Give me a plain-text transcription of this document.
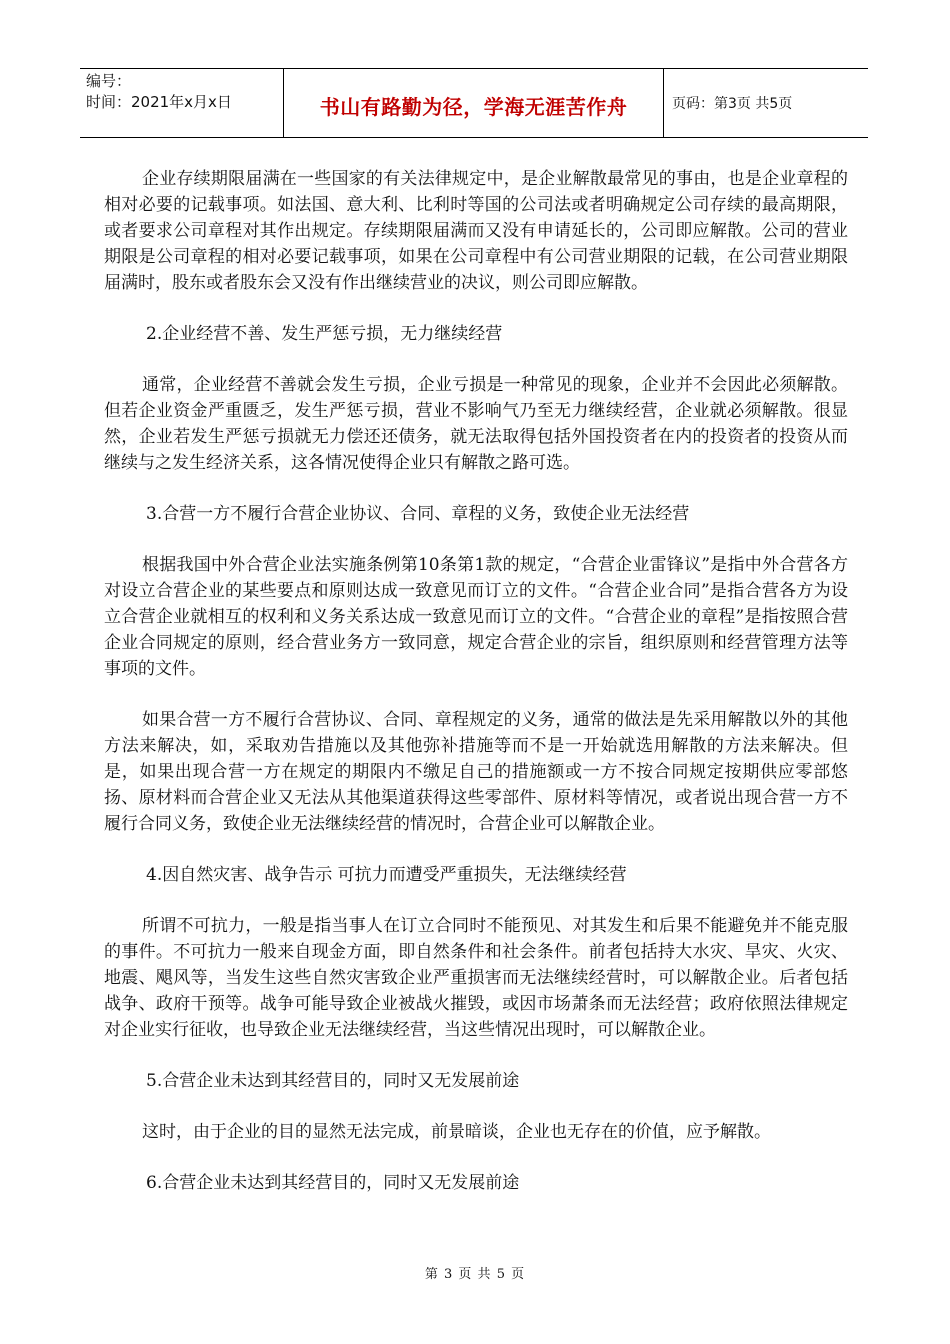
编号：
时间：2021年x月x日	书山有路勤为径，学海无涯苦作舟	页码：第3页 共5页

企业存续期限届满在一些国家的有关法律规定中，是企业解散最常见的事由，也是企业章程的相对必要的记载事项。如法国、意大利、比利时等国的公司法或者明确规定公司存续的最高期限，或者要求公司章程对其作出规定。存续期限届满而又没有申请延长的，公司即应解散。公司的营业期限是公司章程的相对必要记载事项，如果在公司章程中有公司营业期限的记载，在公司营业期限届满时，股东或者股东会又没有作出继续营业的决议，则公司即应解散。

2.企业经营不善、发生严惩亏损，无力继续经营

通常，企业经营不善就会发生亏损，企业亏损是一种常见的现象，企业并不会因此必须解散。但若企业资金严重匮乏，发生严惩亏损，营业不影响气乃至无力继续经营，企业就必须解散。很显然，企业若发生严惩亏损就无力偿还还债务，就无法取得包括外国投资者在内的投资者的投资从而继续与之发生经济关系，这各情况使得企业只有解散之路可选。

3.合营一方不履行合营企业协议、合同、章程的义务，致使企业无法经营

根据我国中外合营企业法实施条例第10条第1款的规定，“合营企业雷锋议”是指中外合营各方对设立合营企业的某些要点和原则达成一致意见而订立的文件。“合营企业合同”是指合营各方为设立合营企业就相互的权利和义务关系达成一致意见而订立的文件。“合营企业的章程”是指按照合营企业合同规定的原则，经合营业务方一致同意，规定合营企业的宗旨，组织原则和经营管理方法等事项的文件。

如果合营一方不履行合营协议、合同、章程规定的义务，通常的做法是先采用解散以外的其他方法来解决，如，采取劝告措施以及其他弥补措施等而不是一开始就选用解散的方法来解决。但是，如果出现合营一方在规定的期限内不缴足自己的措施额或一方不按合同规定按期供应零部悠扬、原材料而合营企业又无法从其他渠道获得这些零部件、原材料等情况，或者说出现合营一方不履行合同义务，致使企业无法继续经营的情况时，合营企业可以解散企业。

4.因自然灾害、战争告示 可抗力而遭受严重损失，无法继续经营

所谓不可抗力，一般是指当事人在订立合同时不能预见、对其发生和后果不能避免并不能克服的事件。不可抗力一般来自现金方面，即自然条件和社会条件。前者包括持大水灾、旱灾、火灾、地震、飓风等，当发生这些自然灾害致企业严重损害而无法继续经营时，可以解散企业。后者包括战争、政府干预等。战争可能导致企业被战火摧毁，或因市场萧条而无法经营；政府依照法律规定对企业实行征收，也导致企业无法继续经营，当这些情况出现时，可以解散企业。

5.合营企业未达到其经营目的，同时又无发展前途

这时，由于企业的目的显然无法完成，前景暗谈，企业也无存在的价值，应予解散。

6.合营企业未达到其经营目的，同时又无发展前途

第 3 页 共 5 页
